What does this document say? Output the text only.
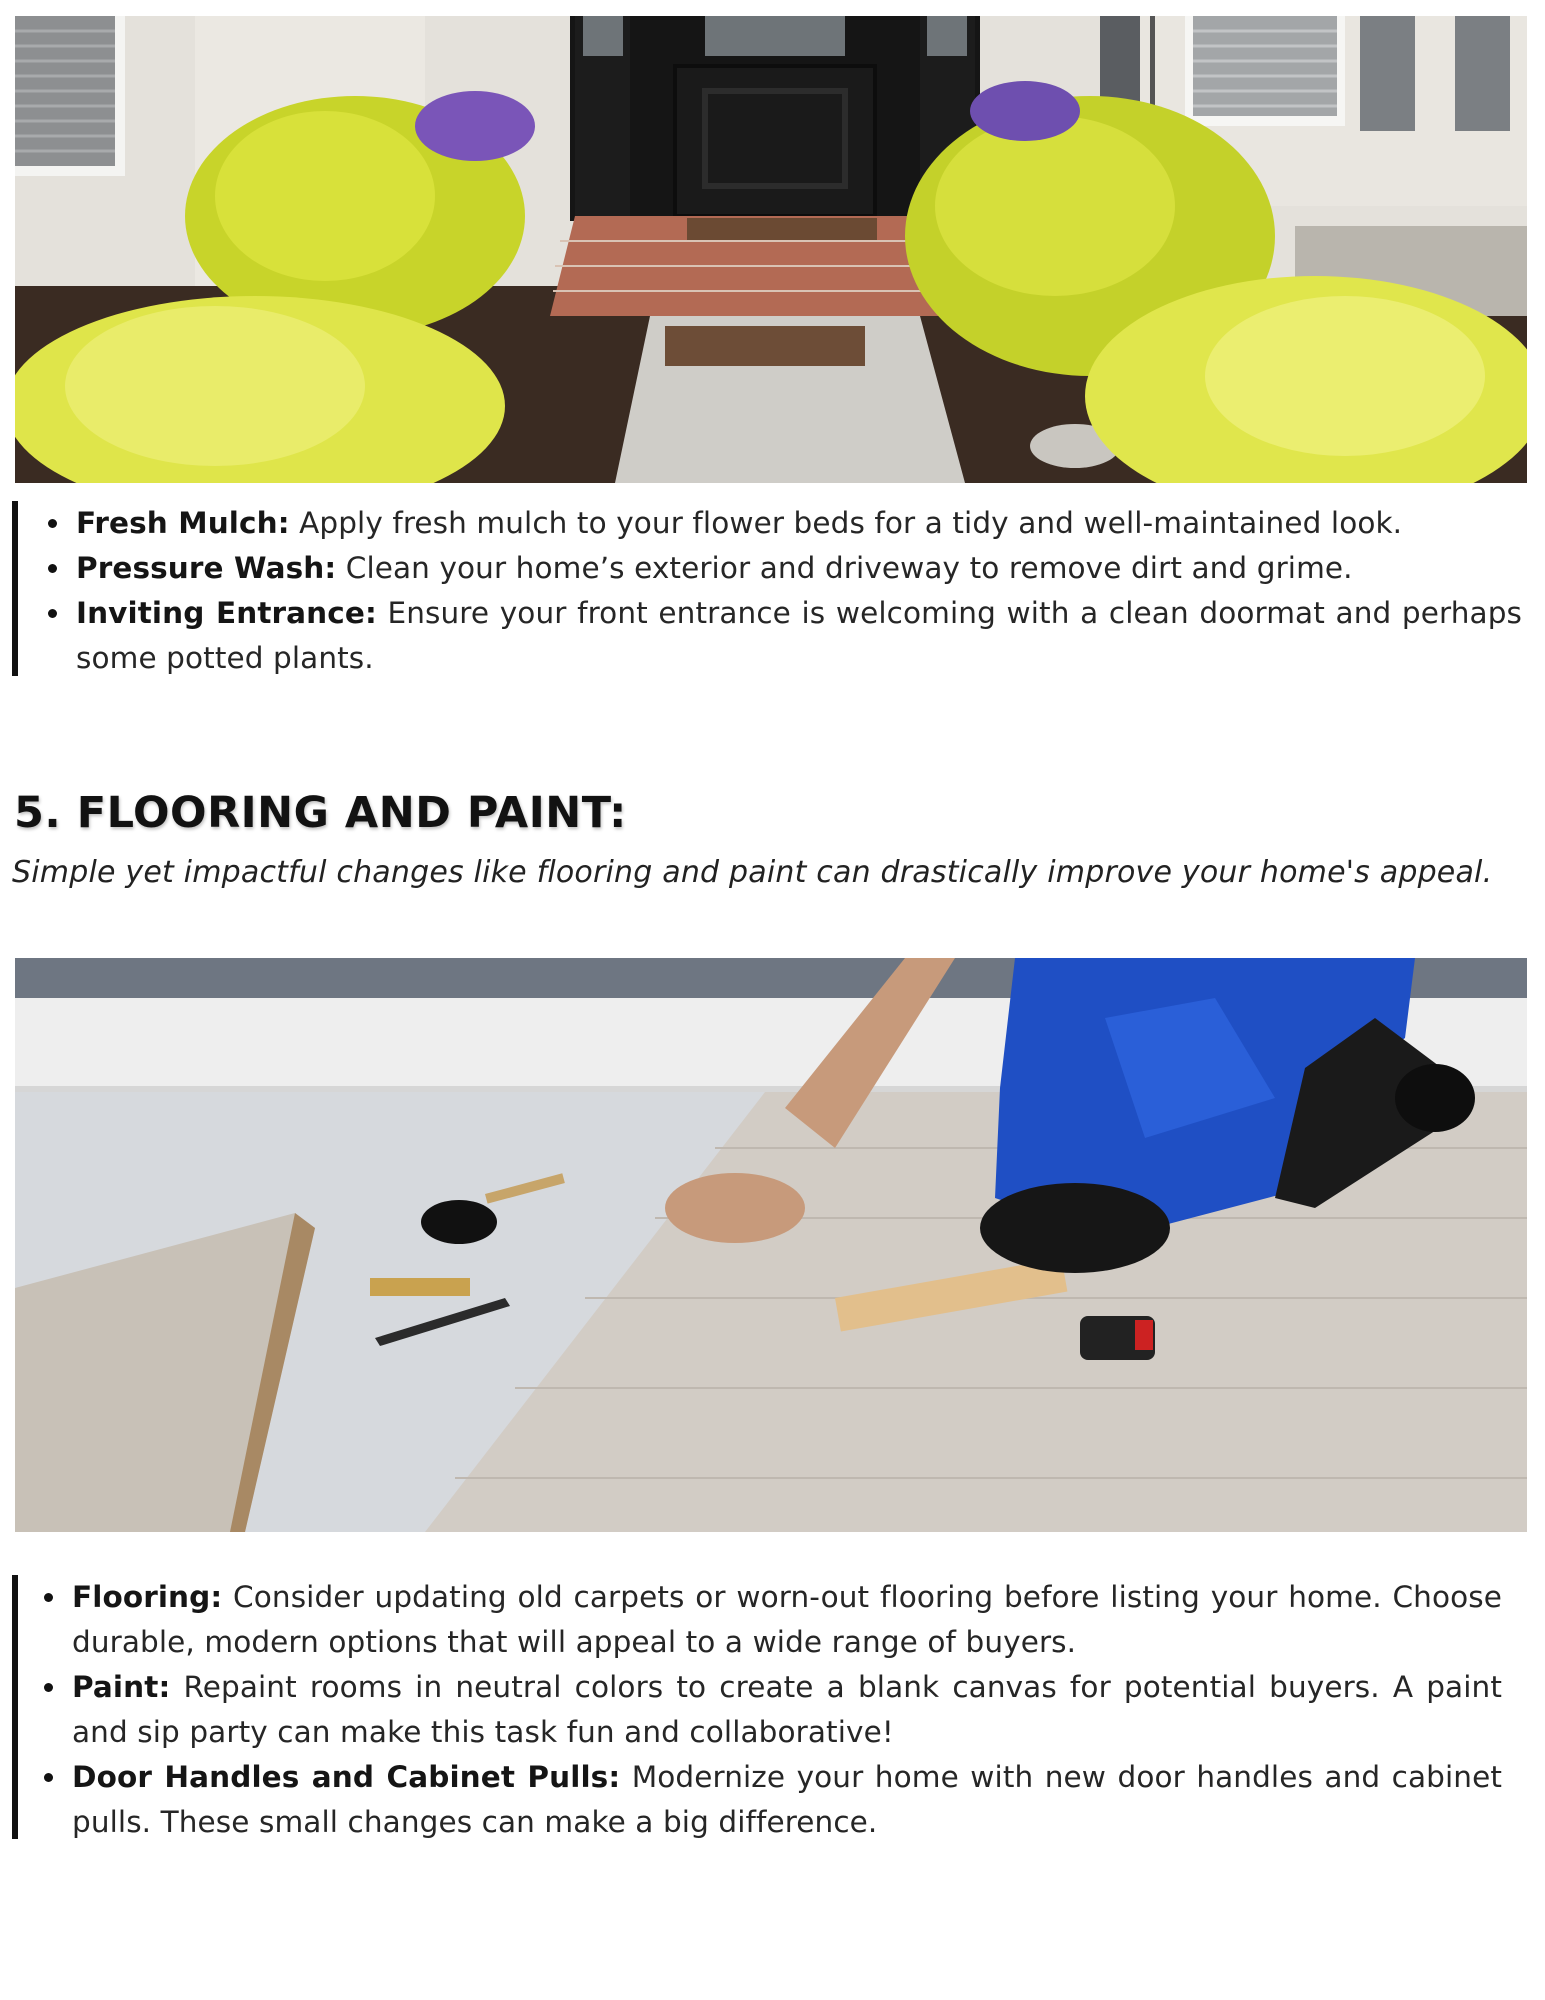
Fresh Mulch: Apply fresh mulch to your flower beds for a tidy and well-maintained look.
Pressure Wash: Clean your home’s exterior and driveway to remove dirt and grime.
Inviting Entrance: Ensure your front entrance is welcoming with a clean doormat and perhaps some potted plants.
5. FLOORING AND PAINT:

Simple yet impactful changes like flooring and paint can drastically improve your home's appeal.

Flooring: Consider updating old carpets or worn-out flooring before listing your home. Choose durable, modern options that will appeal to a wide range of buyers.
Paint: Repaint rooms in neutral colors to create a blank canvas for potential buyers. A paint and sip party can make this task fun and collaborative!
Door Handles and Cabinet Pulls: Modernize your home with new door handles and cabinet pulls. These small changes can make a big difference.
